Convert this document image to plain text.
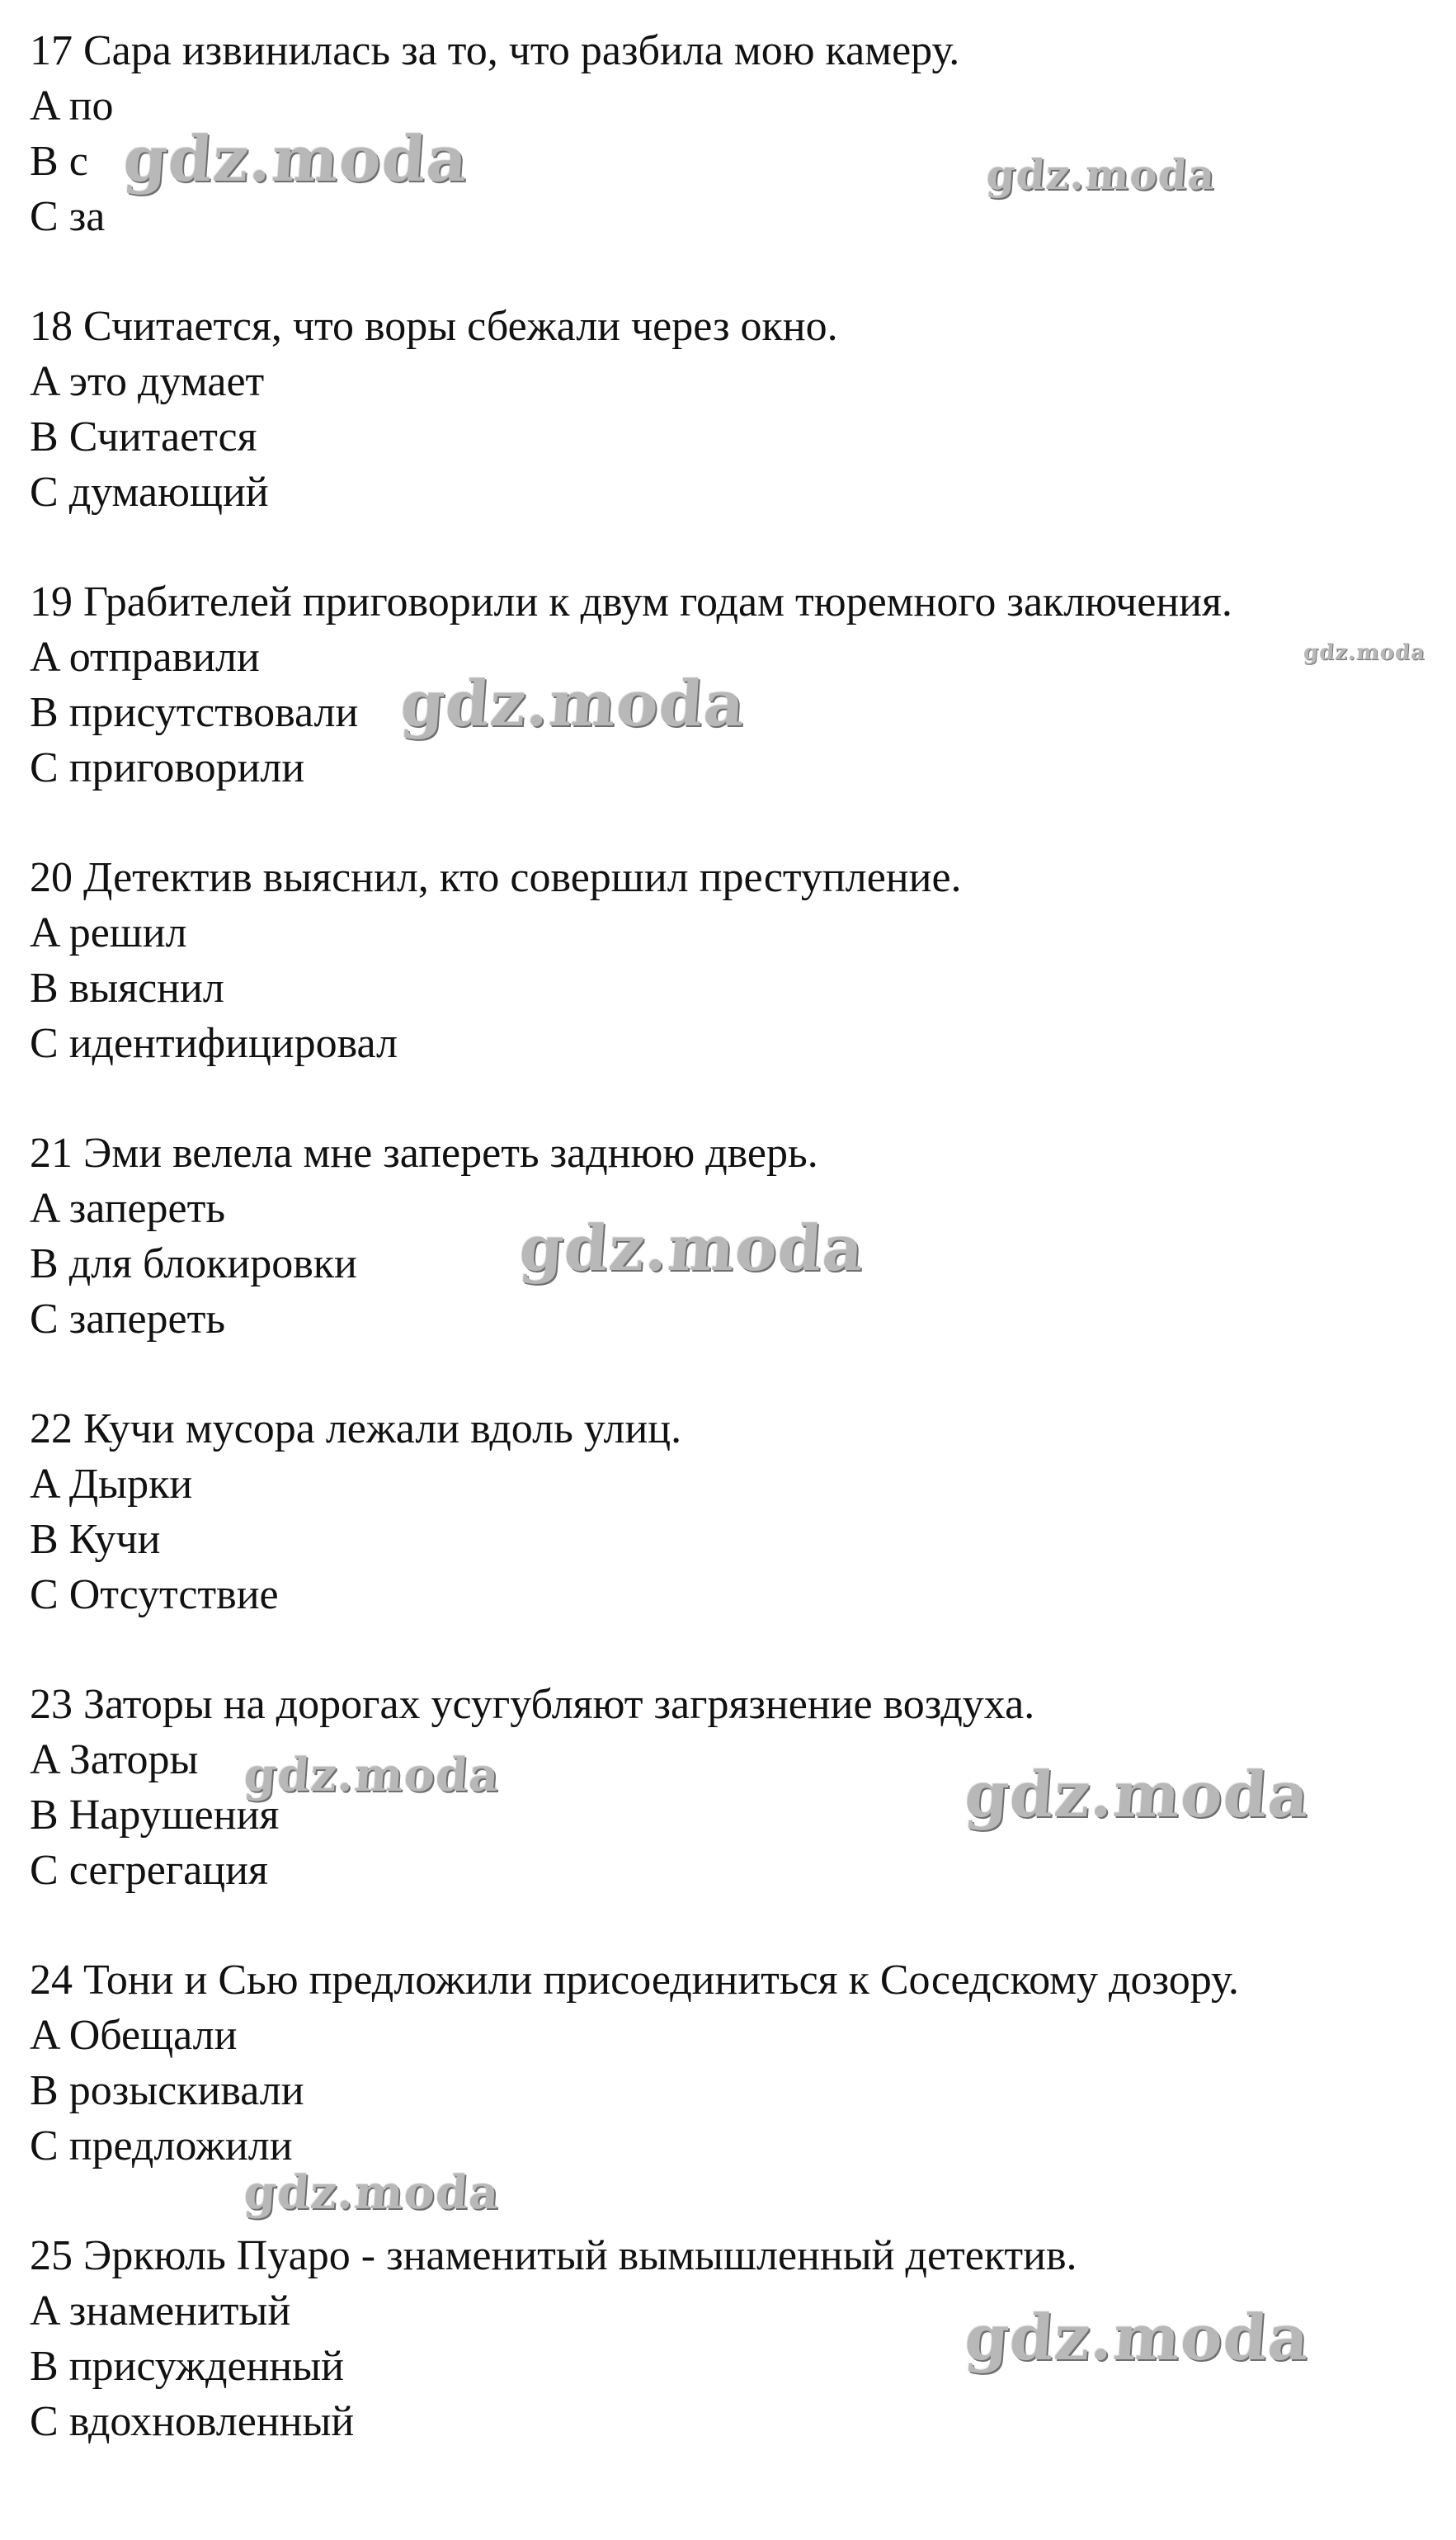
17 Сара извинилась за то, что разбила мою камеру.
A по
B с
C за
18 Считается, что воры сбежали через окно.
A это думает
B Считается
C думающий
19 Грабителей приговорили к двум годам тюремного заключения.
A отправили
B присутствовали
C приговорили
20 Детектив выяснил, кто совершил преступление.
A решил
B выяснил
C идентифицировал
21 Эми велела мне запереть заднюю дверь.
A запереть
B для блокировки
C запереть
22 Кучи мусора лежали вдоль улиц.
A Дырки
B Кучи
C Отсутствие
23 Заторы на дорогах усугубляют загрязнение воздуха.
A Заторы
B Нарушения
C сегрегация
24 Тони и Сью предложили присоединиться к Соседскому дозору.
A Обещали
B розыскивали
C предложили
25 Эркюль Пуаро - знаменитый вымышленный детектив.
A знаменитый
B присужденный
C вдохновленный
gdz.moda	gdz.moda
gdz.moda
gdz.moda
gdz.moda
gdz.moda	gdz.moda
gdz.moda
gdz.moda
